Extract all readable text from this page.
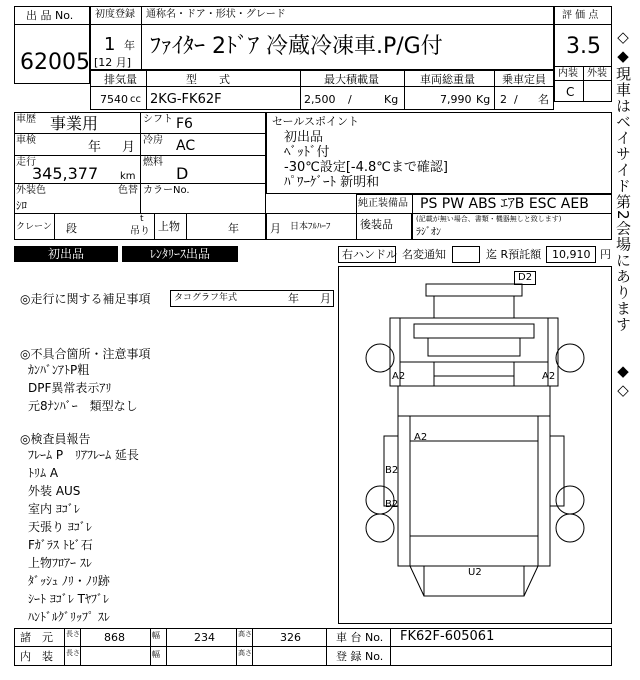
出 品 No.
62005
初度登録 通称名・ドア・形状・グレード
1 年
[12 月]
ﾌｧｲﾀｰ 2ﾄﾞｱ 冷蔵冷凍車.P/G付
評 価 点
3.5
内装 外装
C
排気量	型　　式	最大積載量	車両総重量 乗車定員
7540 cc 2KG-FK62F	2,500 /	Kg	7,990 Kg 2 / 名
車歴 事業用	シフト F6
車検	年 月 冷房 AC
走行
345,377 km
燃料
D
外装色
ｼﾛ
色替 カラーNo.
クレーン 段
t
吊り 上物	年	月 日本ﾌﾙﾊｰﾌ
セールスポイント
初出品
ﾍﾞｯﾄﾞ付
-30℃設定[-4.8℃まで確認]
ﾊﾟﾜｰｹﾞｰﾄ 新明和
純正装備品 PS PW ABS ｴｱB ESC AEB
後装品	(記載が無い場合、書類・機器無しと致します)
ﾗｼﾞｵﾝ
初出品	ﾚﾝﾀﾘｰｽ出品	右ハンドル 名変通知	迄 R預託額 10,910 円
◎走行に関する補足事項	タコグラフ年式	年 月
◎不具合箇所・注意事項
ｶﾝﾊﾞﾝｱﾄP粗
DPF異常表示ｱﾘ
元8ﾅﾝﾊﾞｰ　類型なし
◎検査員報告
ﾌﾚｰﾑ P　ﾘｱﾌﾚｰﾑ 延長
ﾄﾘﾑ A
外装 AUS
室内 ﾖｺﾞﾚ
天張り ﾖｺﾞﾚ
Fｶﾞﾗｽ ﾄﾋﾞ石
上物ﾌﾛｱｰ ｽﾚ
ﾀﾞｯｼｭ ﾉﾘ・ﾉﾘ跡
ｼｰﾄ ﾖｺﾞﾚ Tﾔﾌﾞﾚ
ﾊﾝﾄﾞﾙｸﾞﾘｯﾌﾟ ｽﾚ
D2
A2	A2
A2
B2
B2
U2
諸　元 長さ 868	幅	234	高さ	326	車 台 No. FK62F-605061
内　装 長さ	幅	高さ	登 録 No.
◇◆
現車はベイサイド第2会場にあります
◆◇
